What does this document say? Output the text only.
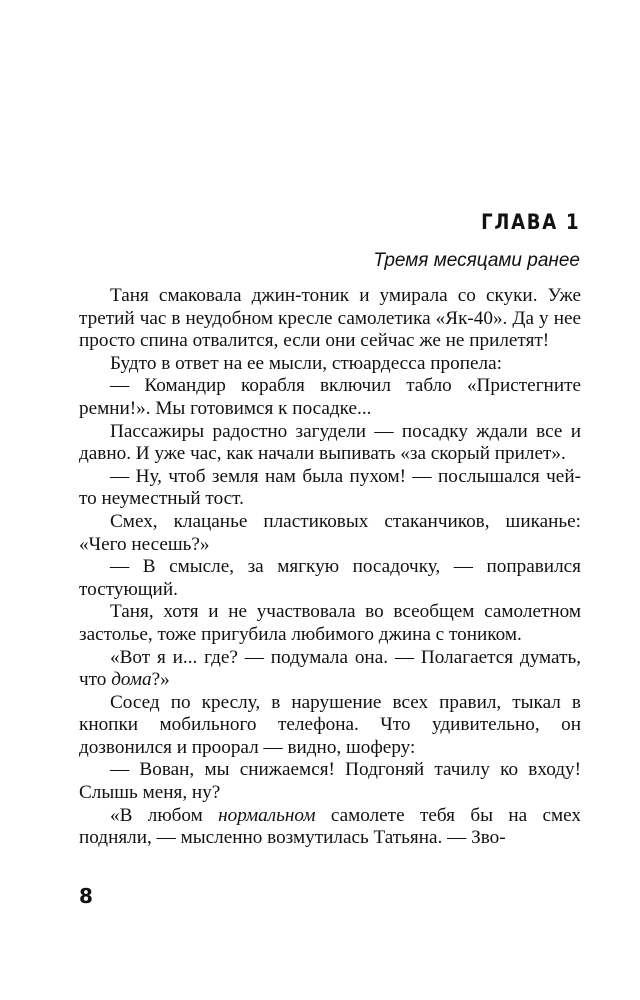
ГЛАВА 1
Тремя месяцами ранее

Таня смаковала джин-тоник и умирала со скуки. Уже третий час в неудобном кресле самолетика «Як-40». Да у нее просто спина отвалится, если они сейчас же не прилетят!

Будто в ответ на ее мысли, стюардесса пропела:

— Командир корабля включил табло «Пристегните ремни!». Мы готовимся к посадке...

Пассажиры радостно загудели — посадку ждали все и давно. И уже час, как начали выпивать «за скорый прилет».

— Ну, чтоб земля нам была пухом! — послышался чей-то неуместный тост.

Смех, клацанье пластиковых стаканчиков, шиканье: «Чего несешь?»

— В смысле, за мягкую посадочку, — поправился тостующий.

Таня, хотя и не участвовала во всеобщем самолетном застолье, тоже пригубила любимого джина с тоником.

«Вот я и... где? — подумала она. — Полагается думать, что дома?»

Сосед по креслу, в нарушение всех правил, тыкал в кнопки мобильного телефона. Что удивительно, он дозвонился и проорал — видно, шоферу:

— Вован, мы снижаемся! Подгоняй тачилу ко входу! Слышь меня, ну?

«В любом нормальном самолете тебя бы на смех подняли, — мысленно возмутилась Татьяна. — Зво-

8
